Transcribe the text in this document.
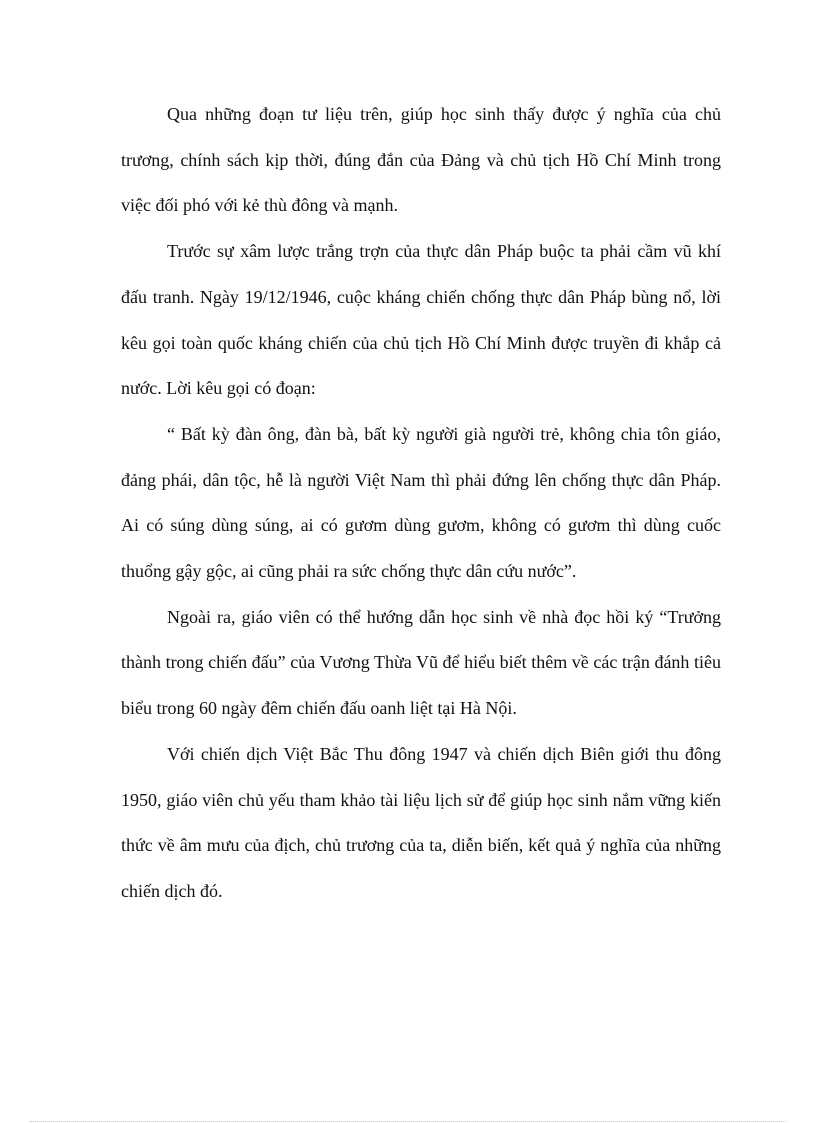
Qua những đoạn tư liệu trên, giúp học sinh thấy được ý nghĩa của chủ trương, chính sách kịp thời, đúng đắn của Đảng và chủ tịch Hồ Chí Minh trong việc đối phó với kẻ thù đông và mạnh.

Trước sự xâm lược trắng trợn của thực dân Pháp buộc ta phải cầm vũ khí đấu tranh. Ngày 19/12/1946, cuộc kháng chiến chống thực dân Pháp bùng nổ, lời kêu gọi toàn quốc kháng chiến của chủ tịch Hồ Chí Minh được truyền đi khắp cả nước. Lời kêu gọi có đoạn:

“ Bất kỳ đàn ông, đàn bà, bất kỳ người già người trẻ, không chia tôn giáo, đảng phái, dân tộc, hễ là người Việt Nam thì phải đứng lên chống thực dân Pháp. Ai có súng dùng súng, ai có gươm dùng gươm, không có gươm thì dùng cuốc thuổng gậy gộc, ai cũng phải ra sức chống thực dân cứu nước”.

Ngoài ra, giáo viên có thể hướng dẫn học sinh về nhà đọc hồi ký “Trưởng thành trong chiến đấu” của Vương Thừa Vũ để hiểu biết thêm về các trận đánh tiêu biểu trong 60 ngày đêm chiến đấu oanh liệt tại Hà Nội.

Với chiến dịch Việt Bắc Thu đông 1947 và chiến dịch Biên giới thu đông 1950, giáo viên chủ yếu tham khảo tài liệu lịch sử để giúp học sinh nắm vững kiến thức về âm mưu của địch, chủ trương của ta, diễn biến, kết quả ý nghĩa của những chiến dịch đó.
